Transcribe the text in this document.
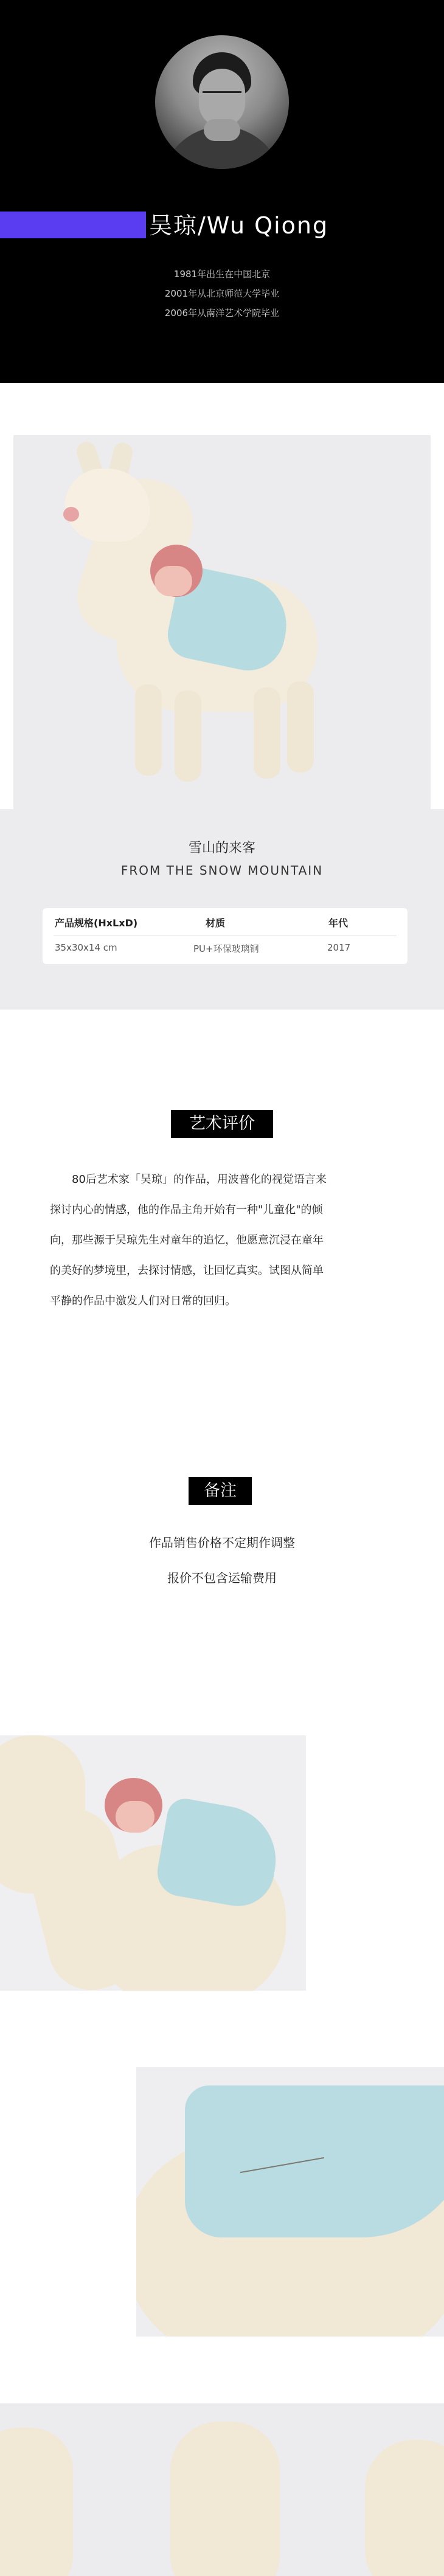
吴琼/Wu Qiong
1981年出生在中国北京
2001年从北京师范大学毕业
2006年从南洋艺术学院毕业
雪山的来客
FROM THE SNOW MOUNTAIN
产品规格(HxLxD)	材质	年代
35x30x14 cm	PU+环保玻璃钢	2017
艺术评价
80后艺术家「吴琼」的作品，用波普化的视觉语言来
探讨内心的情感，他的作品主角开始有一种"儿童化"的倾
向，那些源于吴琼先生对童年的追忆，他愿意沉浸在童年
的美好的梦境里，去探讨情感，让回忆真实。试图从简单
平静的作品中激发人们对日常的回归。
备注
作品销售价格不定期作调整
报价不包含运输费用
